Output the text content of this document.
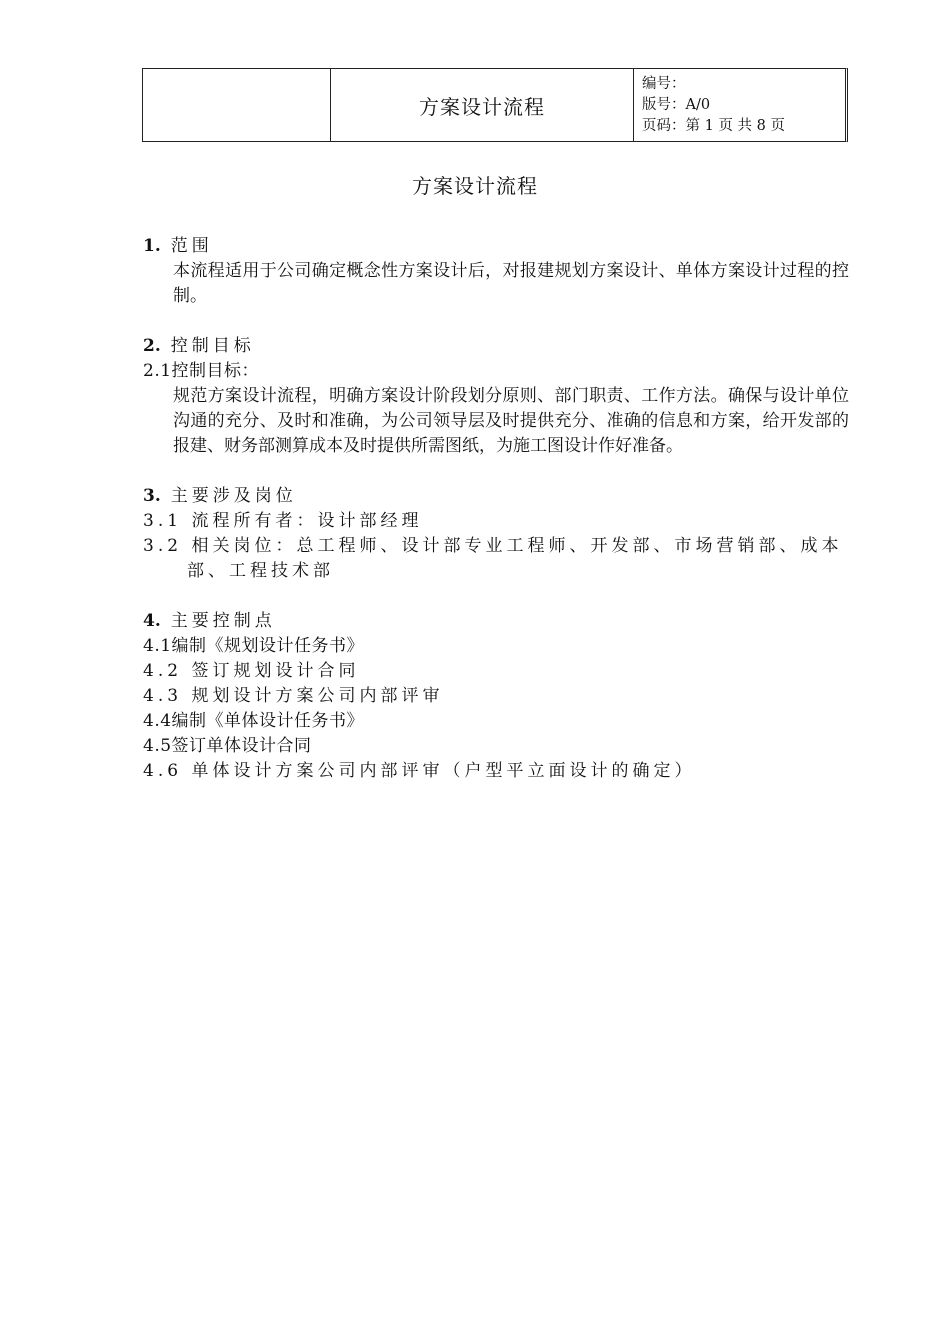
方案设计流程
编号：
版号：A/0
页码：第 1 页 共 8 页
方案设计流程
1. 范围
本流程适用于公司确定概念性方案设计后，对报建规划方案设计、单体方案设计过程的控制。
2. 控制目标
2.1控制目标：
规范方案设计流程，明确方案设计阶段划分原则、部门职责、工作方法。确保与设计单位沟通的充分、及时和准确，为公司领导层及时提供充分、准确的信息和方案，给开发部的报建、财务部测算成本及时提供所需图纸，为施工图设计作好准备。
3. 主要涉及岗位
3.1 流程所有者：设计部经理
3.2 相关岗位：总工程师、设计部专业工程师、开发部、市场营销部、成本部、工程技术部
4. 主要控制点
4.1编制《规划设计任务书》
4.2 签订规划设计合同
4.3 规划设计方案公司内部评审
4.4编制《单体设计任务书》
4.5签订单体设计合同
4.6 单体设计方案公司内部评审（户型平立面设计的确定）
